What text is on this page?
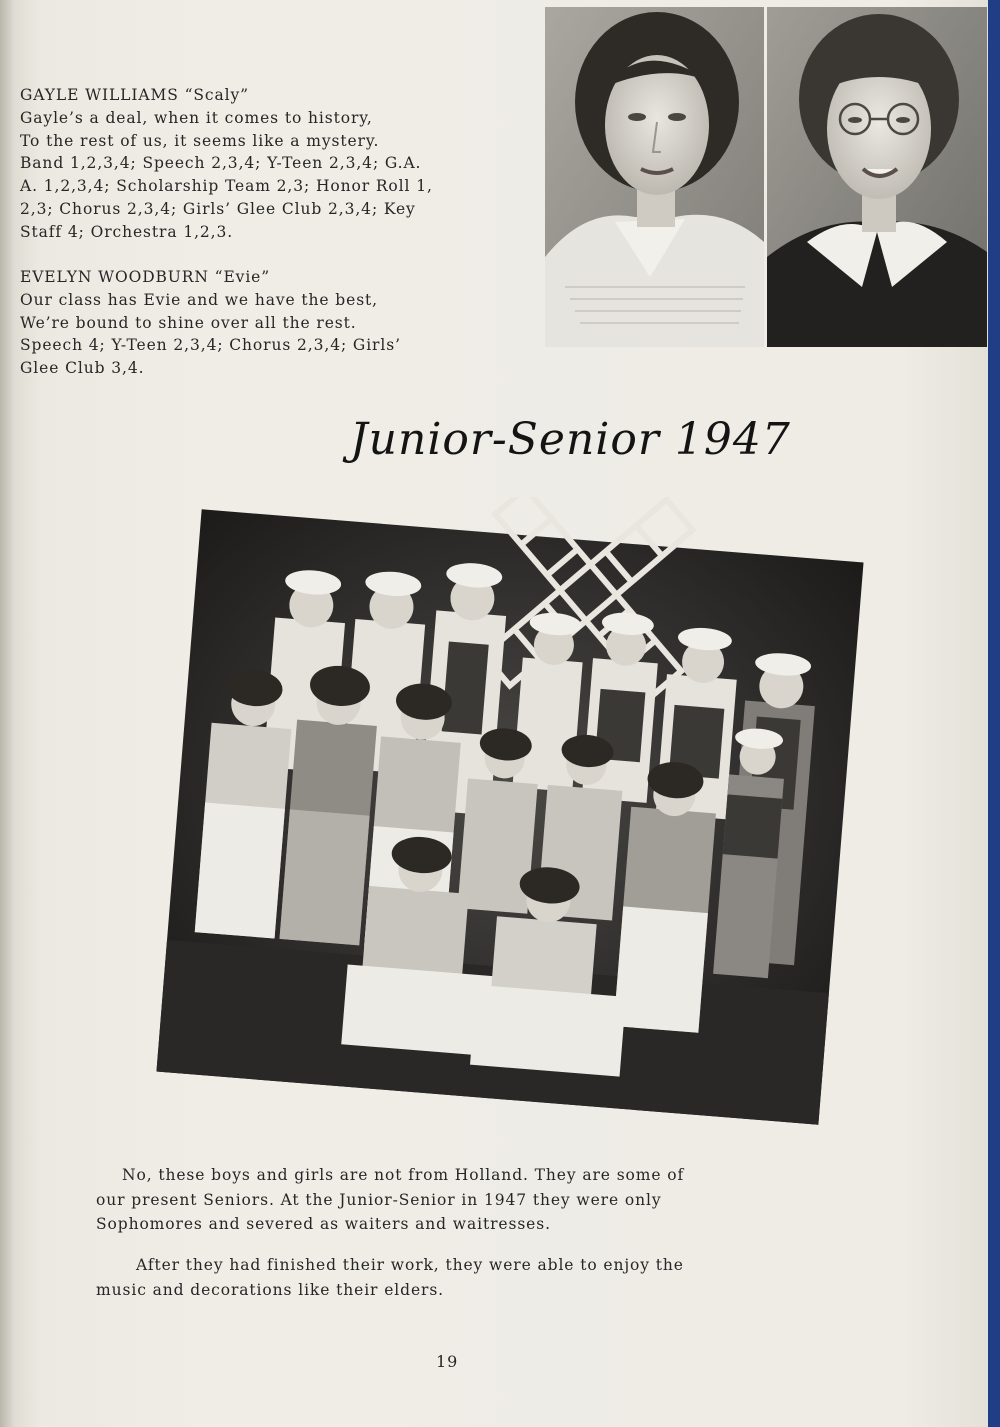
GAYLE WILLIAMS “Scaly”

Gayle’s a deal, when it comes to history,

To the rest of us, it seems like a mystery.

Band 1,2,3,4; Speech 2,3,4; Y-Teen 2,3,4; G.A.

A. 1,2,3,4; Scholarship Team 2,3; Honor Roll 1,

2,3; Chorus 2,3,4; Girls’ Glee Club 2,3,4; Key

Staff 4; Orchestra 1,2,3.

EVELYN WOODBURN “Evie”

Our class has Evie and we have the best,

We’re bound to shine over all the rest.

Speech 4; Y-Teen 2,3,4; Chorus 2,3,4; Girls’

Glee Club 3,4.

Junior-Senior 1947

No, these boys and girls are not from Holland. They are some of

our present Seniors. At the Junior-Senior in 1947 they were only

Sophomores and severed as waiters and waitresses.

After they had finished their work, they were able to enjoy the

music and decorations like their elders.

19
